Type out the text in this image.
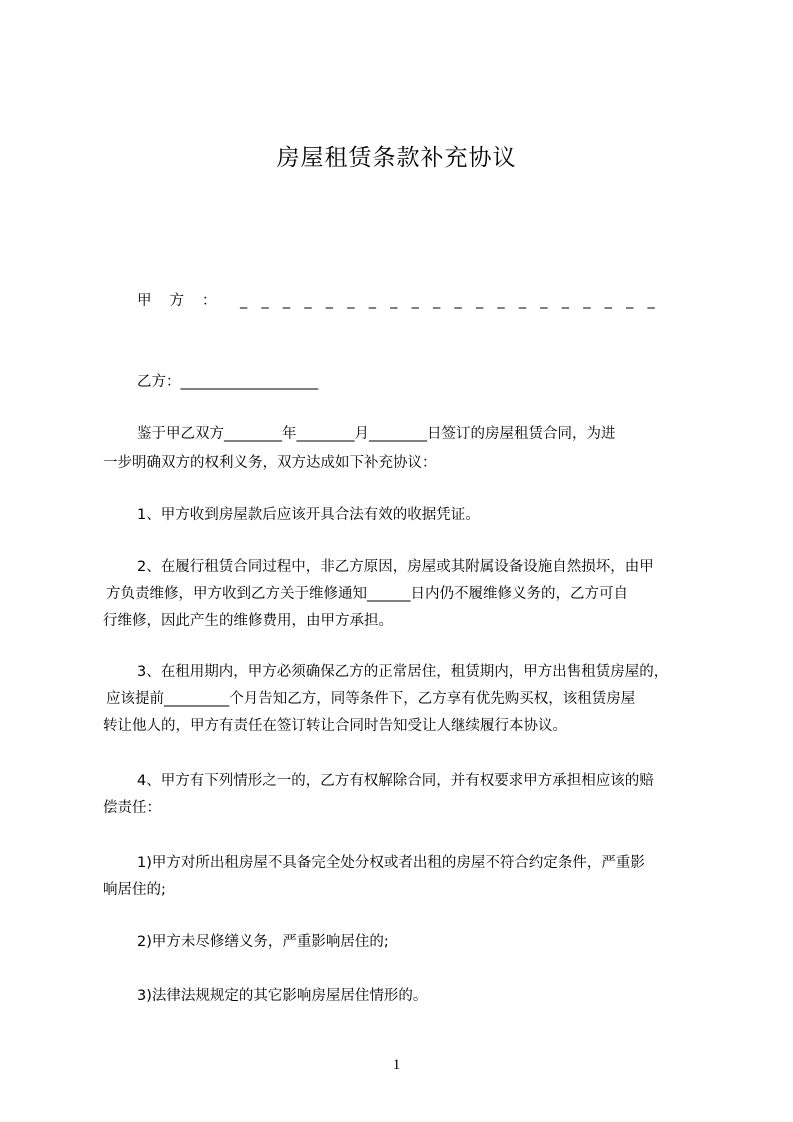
房屋租赁条款补充协议
甲方： ____________________
乙方：___________________
鉴于甲乙双方________年________月________日签订的房屋租赁合同，为进
一步明确双方的权利义务，双方达成如下补充协议：
1、甲方收到房屋款后应该开具合法有效的收据凭证。
2、在履行租赁合同过程中，非乙方原因，房屋或其附属设备设施自然损坏，由甲
方负责维修，甲方收到乙方关于维修通知______日内仍不履维修义务的，乙方可自
行维修，因此产生的维修费用，由甲方承担。
3、在租用期内，甲方必须确保乙方的正常居住，租赁期内，甲方出售租赁房屋的，
应该提前_________个月告知乙方，同等条件下，乙方享有优先购买权，该租赁房屋
转让他人的，甲方有责任在签订转让合同时告知受让人继续履行本协议。
4、甲方有下列情形之一的，乙方有权解除合同，并有权要求甲方承担相应该的赔
偿责任：
1)甲方对所出租房屋不具备完全处分权或者出租的房屋不符合约定条件，严重影
响居住的;
2)甲方未尽修缮义务，严重影响居住的;
3)法律法规规定的其它影响房屋居住情形的。
1
